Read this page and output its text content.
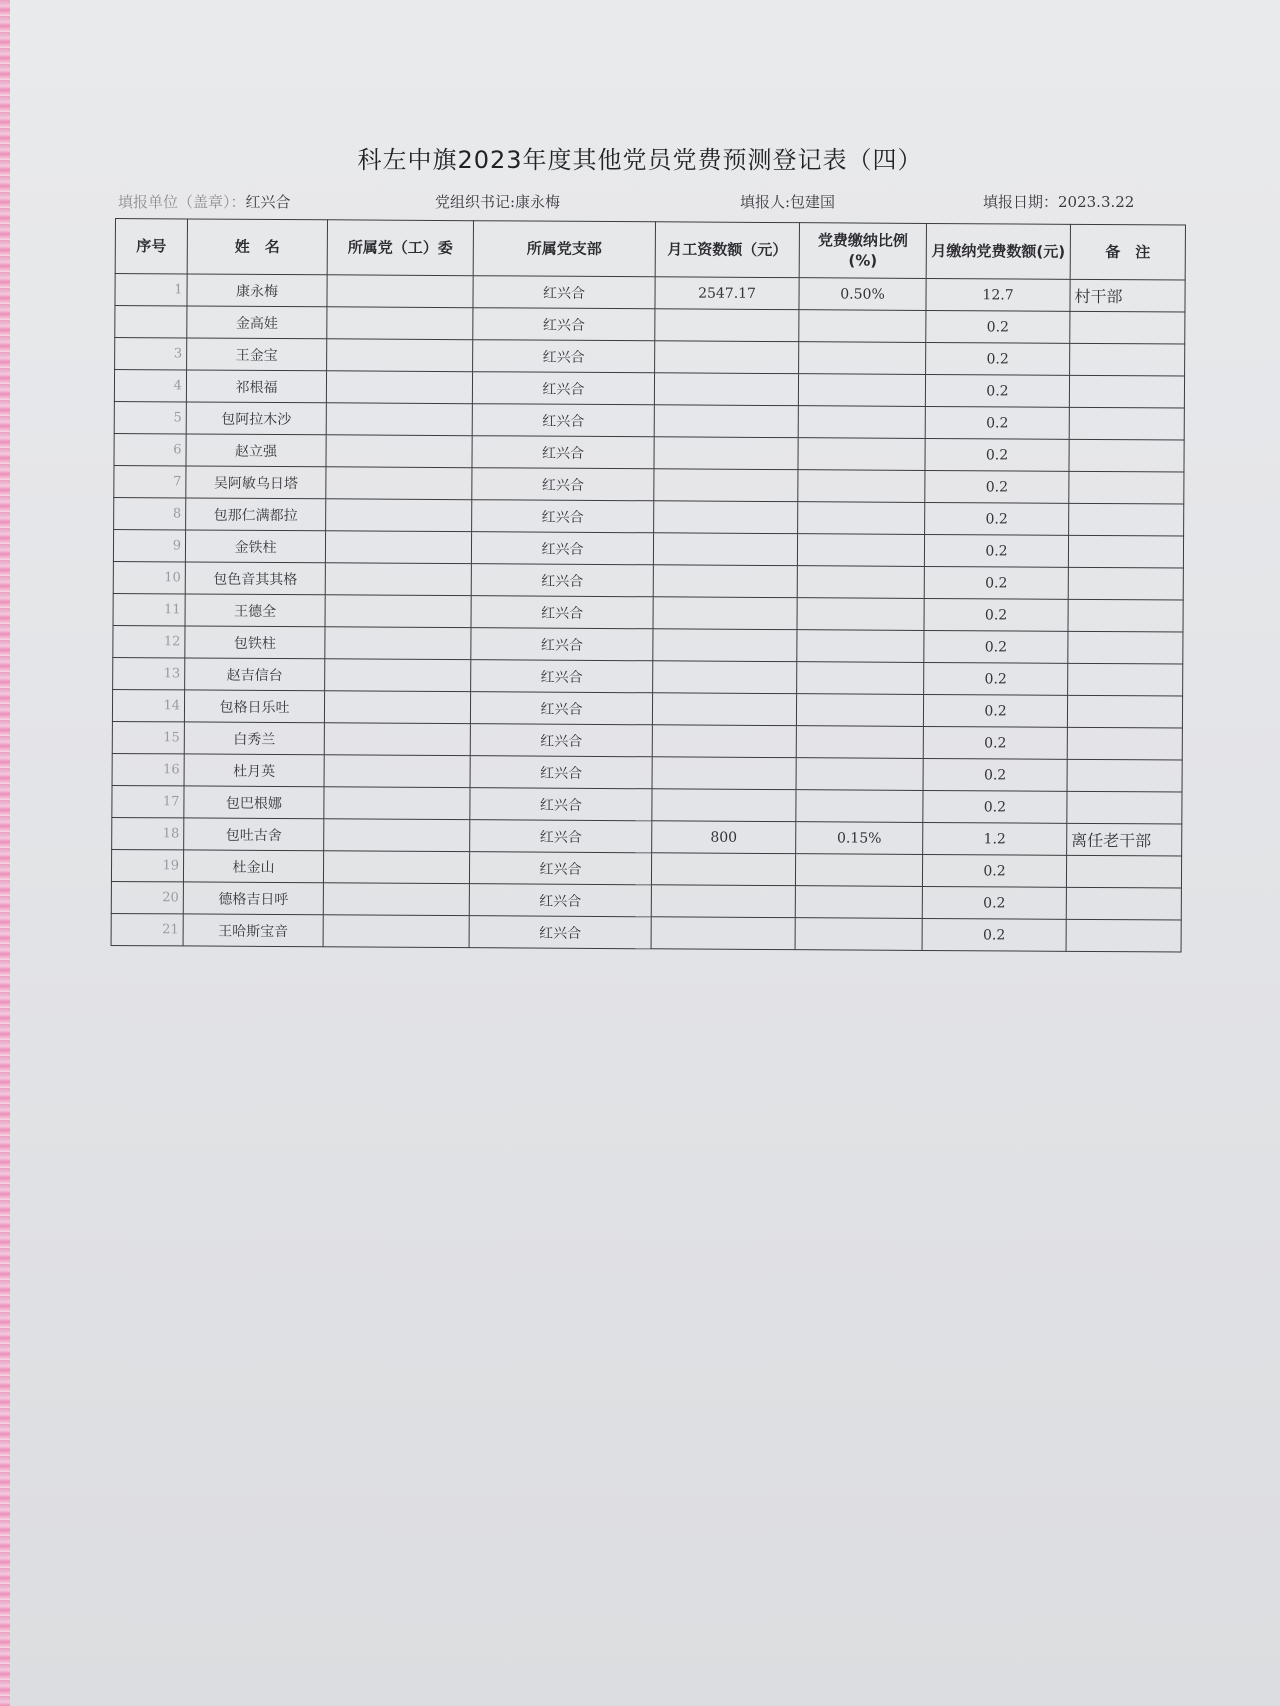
科左中旗2023年度其他党员党费预测登记表（四）
填报单位（盖章）：红兴合	党组织书记:康永梅	填报人:包建国	填报日期：2023.3.22
序号	姓　名	所属党（工）委	所属党支部	月工资数额（元）	党费缴纳比例(%)	月缴纳党费数额(元)	备　注
1	康永梅		红兴合	2547.17	0.50%	12.7	村干部
	金高娃		红兴合			0.2	
3	王金宝		红兴合			0.2	
4	祁根福		红兴合			0.2	
5	包阿拉木沙		红兴合			0.2	
6	赵立强		红兴合			0.2	
7	吴阿敏乌日塔		红兴合			0.2	
8	包那仁满都拉		红兴合			0.2	
9	金铁柱		红兴合			0.2	
10	包色音其其格		红兴合			0.2	
11	王德全		红兴合			0.2	
12	包铁柱		红兴合			0.2	
13	赵吉信台		红兴合			0.2	
14	包格日乐吐		红兴合			0.2	
15	白秀兰		红兴合			0.2	
16	杜月英		红兴合			0.2	
17	包巴根娜		红兴合			0.2	
18	包吐古舍		红兴合	800	0.15%	1.2	离任老干部
19	杜金山		红兴合			0.2	
20	德格吉日呼		红兴合			0.2	
21	王哈斯宝音		红兴合			0.2	
